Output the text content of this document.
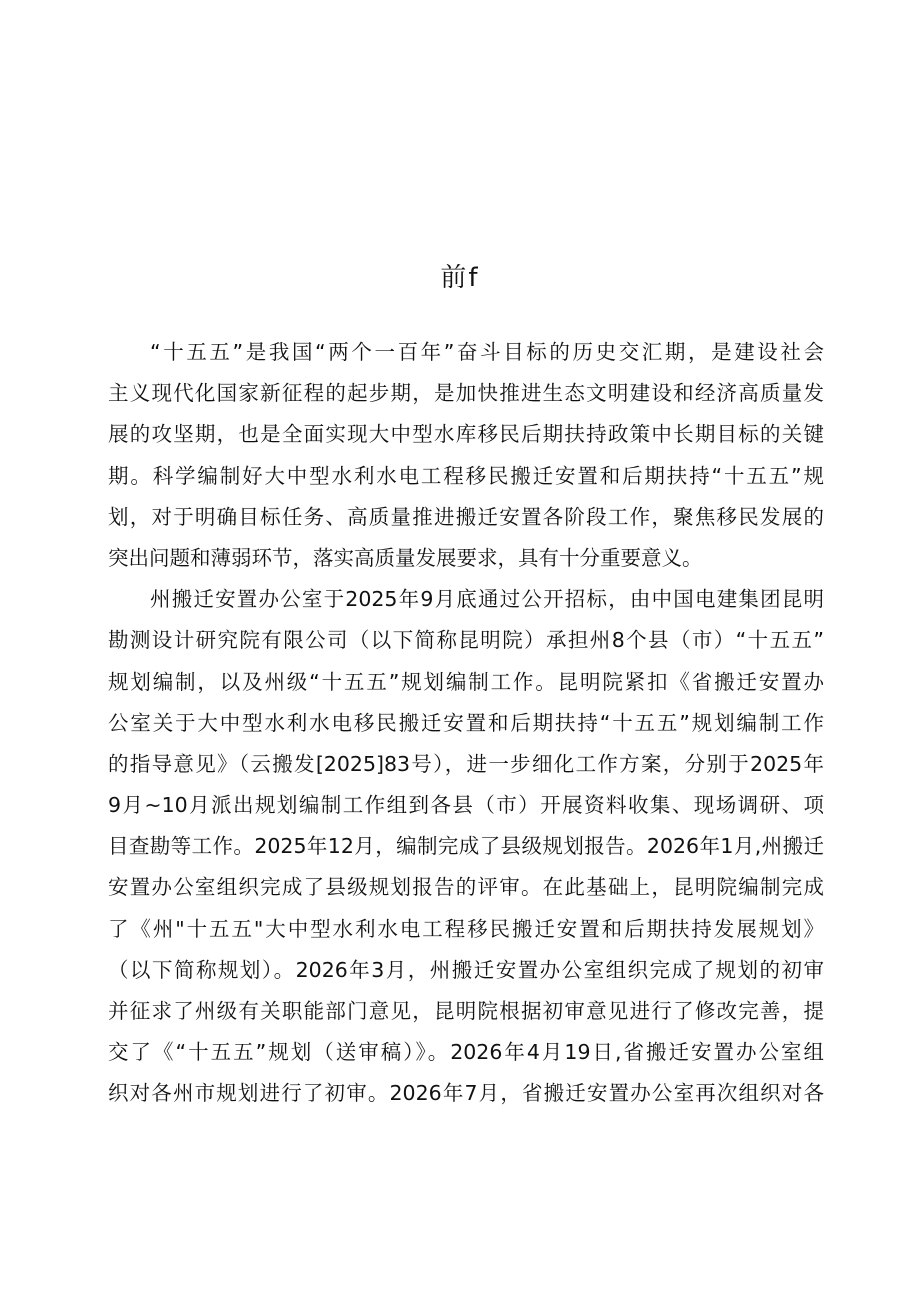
前f
“十五五”是我国“两个一百年”奋斗目标的历史交汇期，是建设社会
主义现代化国家新征程的起步期，是加快推进生态文明建设和经济高质量发
展的攻坚期，也是全面实现大中型水库移民后期扶持政策中长期目标的关键
期。科学编制好大中型水利水电工程移民搬迁安置和后期扶持“十五五”规
划，对于明确目标任务、高质量推进搬迁安置各阶段工作，聚焦移民发展的
突出问题和薄弱环节，落实高质量发展要求，具有十分重要意义。
州搬迁安置办公室于2025年9月底通过公开招标，由中国电建集团昆明
勘测设计研究院有限公司（以下简称昆明院）承担州8个县（市）“十五五”
规划编制，以及州级“十五五”规划编制工作。昆明院紧扣《省搬迁安置办
公室关于大中型水利水电移民搬迁安置和后期扶持“十五五”规划编制工作
的指导意见》（云搬发[2025]83号），进一步细化工作方案，分别于2025年
9月~10月派出规划编制工作组到各县（市）开展资料收集、现场调研、项
目查勘等工作。2025年12月，编制完成了县级规划报告。2026年1月,州搬迁
安置办公室组织完成了县级规划报告的评审。在此基础上，昆明院编制完成
了《州"十五五"大中型水利水电工程移民搬迁安置和后期扶持发展规划》
（以下简称规划）。2026年3月，州搬迁安置办公室组织完成了规划的初审
并征求了州级有关职能部门意见，昆明院根据初审意见进行了修改完善，提
交了《“十五五”规划（送审稿）》。2026年4月19日,省搬迁安置办公室组
织对各州市规划进行了初审。2026年7月，省搬迁安置办公室再次组织对各
